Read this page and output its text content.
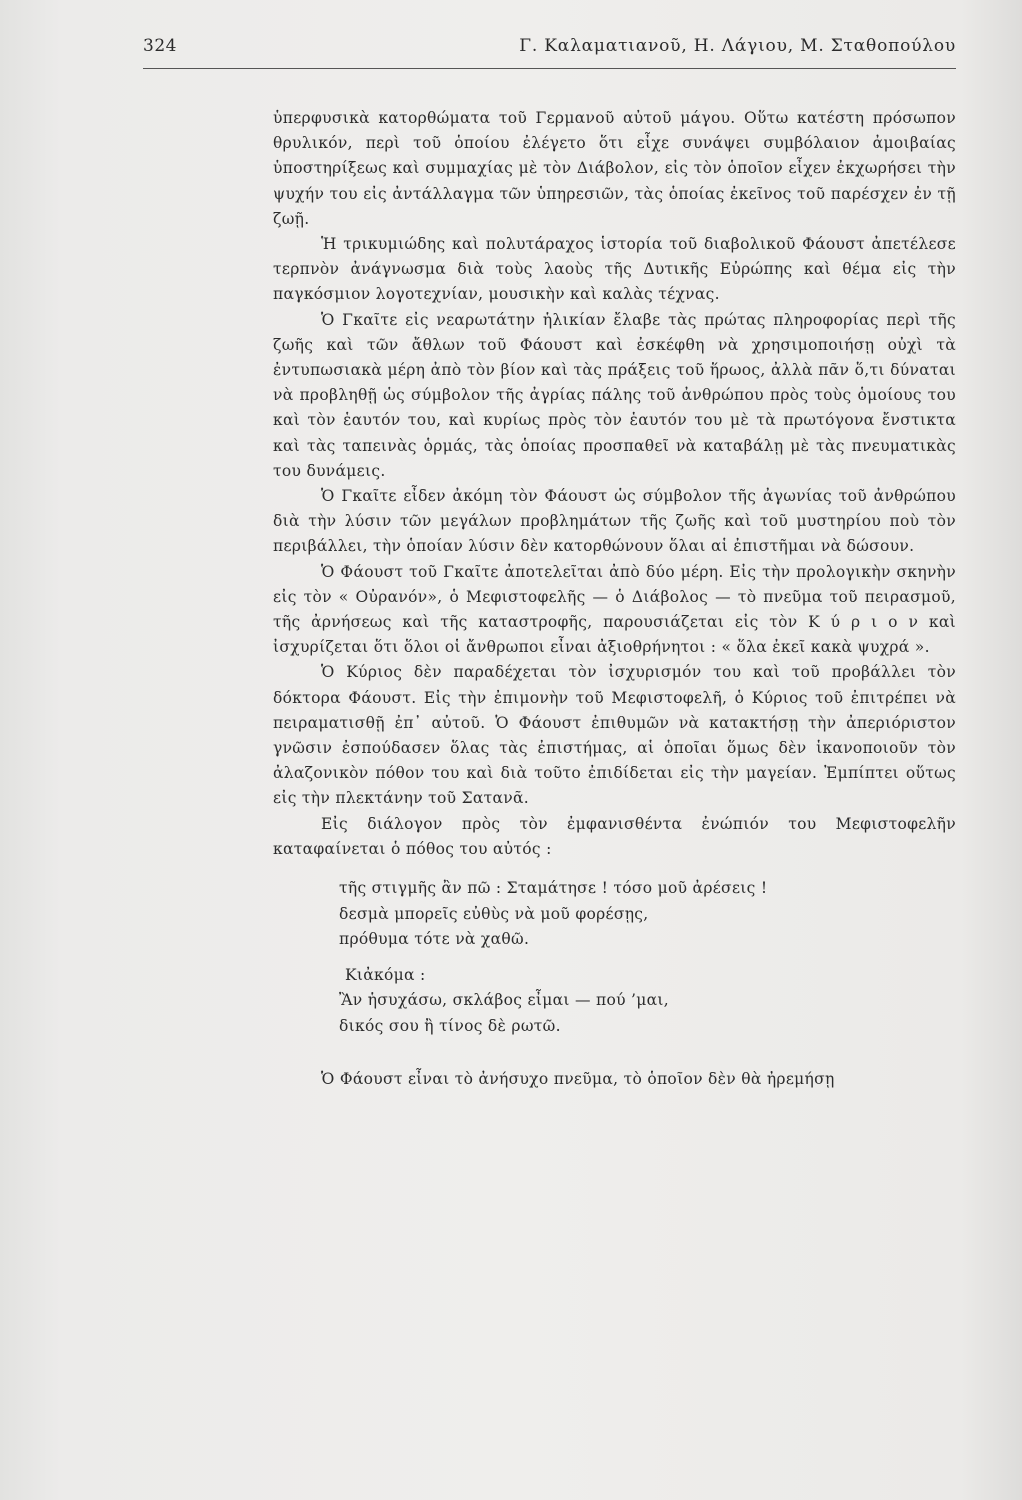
324	Γ. Καλαματιανοῦ, Η. Λάγιου, Μ. Σταθοπούλου

ὑπερφυσικὰ κατορθώματα τοῦ Γερμανοῦ αὐτοῦ μάγου. Οὕτω κατέστη πρόσωπον θρυλικόν, περὶ τοῦ ὁποίου ἐλέγετο ὅτι εἶχε συνάψει συμβόλαιον ἀμοιβαίας ὑποστηρίξεως καὶ συμμαχίας μὲ τὸν Διάβολον, εἰς τὸν ὁποῖον εἶχεν ἐκχωρήσει τὴν ψυχήν του εἰς ἀντάλλαγμα τῶν ὑπηρεσιῶν, τὰς ὁποίας ἐκεῖνος τοῦ παρέσχεν ἐν τῇ ζωῇ.

Ἡ τρικυμιώδης καὶ πολυτάραχος ἱστορία τοῦ διαβολικοῦ Φάουστ ἀπετέλεσε τερπνὸν ἀνάγνωσμα διὰ τοὺς λαοὺς τῆς Δυτικῆς Εὐρώπης καὶ θέμα εἰς τὴν παγκόσμιον λογοτεχνίαν, μουσικὴν καὶ καλὰς τέχνας.

Ὁ Γκαῖτε εἰς νεαρωτάτην ἡλικίαν ἔλαβε τὰς πρώτας πληροφορίας περὶ τῆς ζωῆς καὶ τῶν ἄθλων τοῦ Φάουστ καὶ ἐσκέφθη νὰ χρησιμοποιήσῃ οὐχὶ τὰ ἐντυπωσιακὰ μέρη ἀπὸ τὸν βίον καὶ τὰς πράξεις τοῦ ἥρωος, ἀλλὰ πᾶν ὅ,τι δύναται νὰ προβληθῇ ὡς σύμβολον τῆς ἀγρίας πάλης τοῦ ἀνθρώπου πρὸς τοὺς ὁμοίους του καὶ τὸν ἑαυτόν του, καὶ κυρίως πρὸς τὸν ἑαυτόν του μὲ τὰ πρωτόγονα ἔνστικτα καὶ τὰς ταπεινὰς ὁρμάς, τὰς ὁποίας προσπαθεῖ νὰ καταβάλῃ μὲ τὰς πνευματικὰς του δυνάμεις.

Ὁ Γκαῖτε εἶδεν ἀκόμη τὸν Φάουστ ὡς σύμβολον τῆς ἀγωνίας τοῦ ἀνθρώπου διὰ τὴν λύσιν τῶν μεγάλων προβλημάτων τῆς ζωῆς καὶ τοῦ μυστηρίου ποὺ τὸν περιβάλλει, τὴν ὁποίαν λύσιν δὲν κατορθώνουν ὅλαι αἱ ἐπιστῆμαι νὰ δώσουν.

Ὁ Φάουστ τοῦ Γκαῖτε ἀποτελεῖται ἀπὸ δύο μέρη. Εἰς τὴν προλογικὴν σκηνὴν εἰς τὸν « Οὐρανόν», ὁ Μεφιστοφελῆς — ὁ Διάβολος — τὸ πνεῦμα τοῦ πειρασμοῦ, τῆς ἀρνήσεως καὶ τῆς καταστροφῆς, παρουσιάζεται εἰς τὸν Κ ύ ρ ι ο ν καὶ ἰσχυρίζεται ὅτι ὅλοι οἱ ἄνθρωποι εἶναι ἀξιοθρήνητοι : « ὅλα ἐκεῖ κακὰ ψυχρά ».

Ὁ Κύριος δὲν παραδέχεται τὸν ἰσχυρισμόν του καὶ τοῦ προβάλλει τὸν δόκτορα Φάουστ. Εἰς τὴν ἐπιμονὴν τοῦ Μεφιστοφελῆ, ὁ Κύριος τοῦ ἐπιτρέπει νὰ πειραματισθῇ ἐπ᾽ αὐτοῦ. Ὁ Φάουστ ἐπιθυμῶν νὰ κατακτήσῃ τὴν ἀπεριόριστον γνῶσιν ἐσπούδασεν ὅλας τὰς ἐπιστήμας, αἱ ὁποῖαι ὅμως δὲν ἱκανοποιοῦν τὸν ἀλαζονικὸν πόθον του καὶ διὰ τοῦτο ἐπιδίδεται εἰς τὴν μαγείαν. Ἐμπίπτει οὕτως εἰς τὴν πλεκτάνην τοῦ Σατανᾶ.

Εἰς διάλογον πρὸς τὸν ἐμφανισθέντα ἐνώπιόν του Μεφιστοφελῆν καταφαίνεται ὁ πόθος του αὐτός :

τῆς στιγμῆς ἂν πῶ : Σταμάτησε ! τόσο μοῦ ἀρέσεις !
δεσμὰ μπορεῖς εὐθὺς νὰ μοῦ φορέσῃς,
πρόθυμα τότε νὰ χαθῶ.
Κιἀκόμα :
Ἂν ἡσυχάσω, σκλάβος εἶμαι — πού ’μαι,
δικός σου ἢ τίνος δὲ ρωτῶ.

Ὁ Φάουστ εἶναι τὸ ἀνήσυχο πνεῦμα, τὸ ὁποῖον δὲν θὰ ἠρεμήσῃ
